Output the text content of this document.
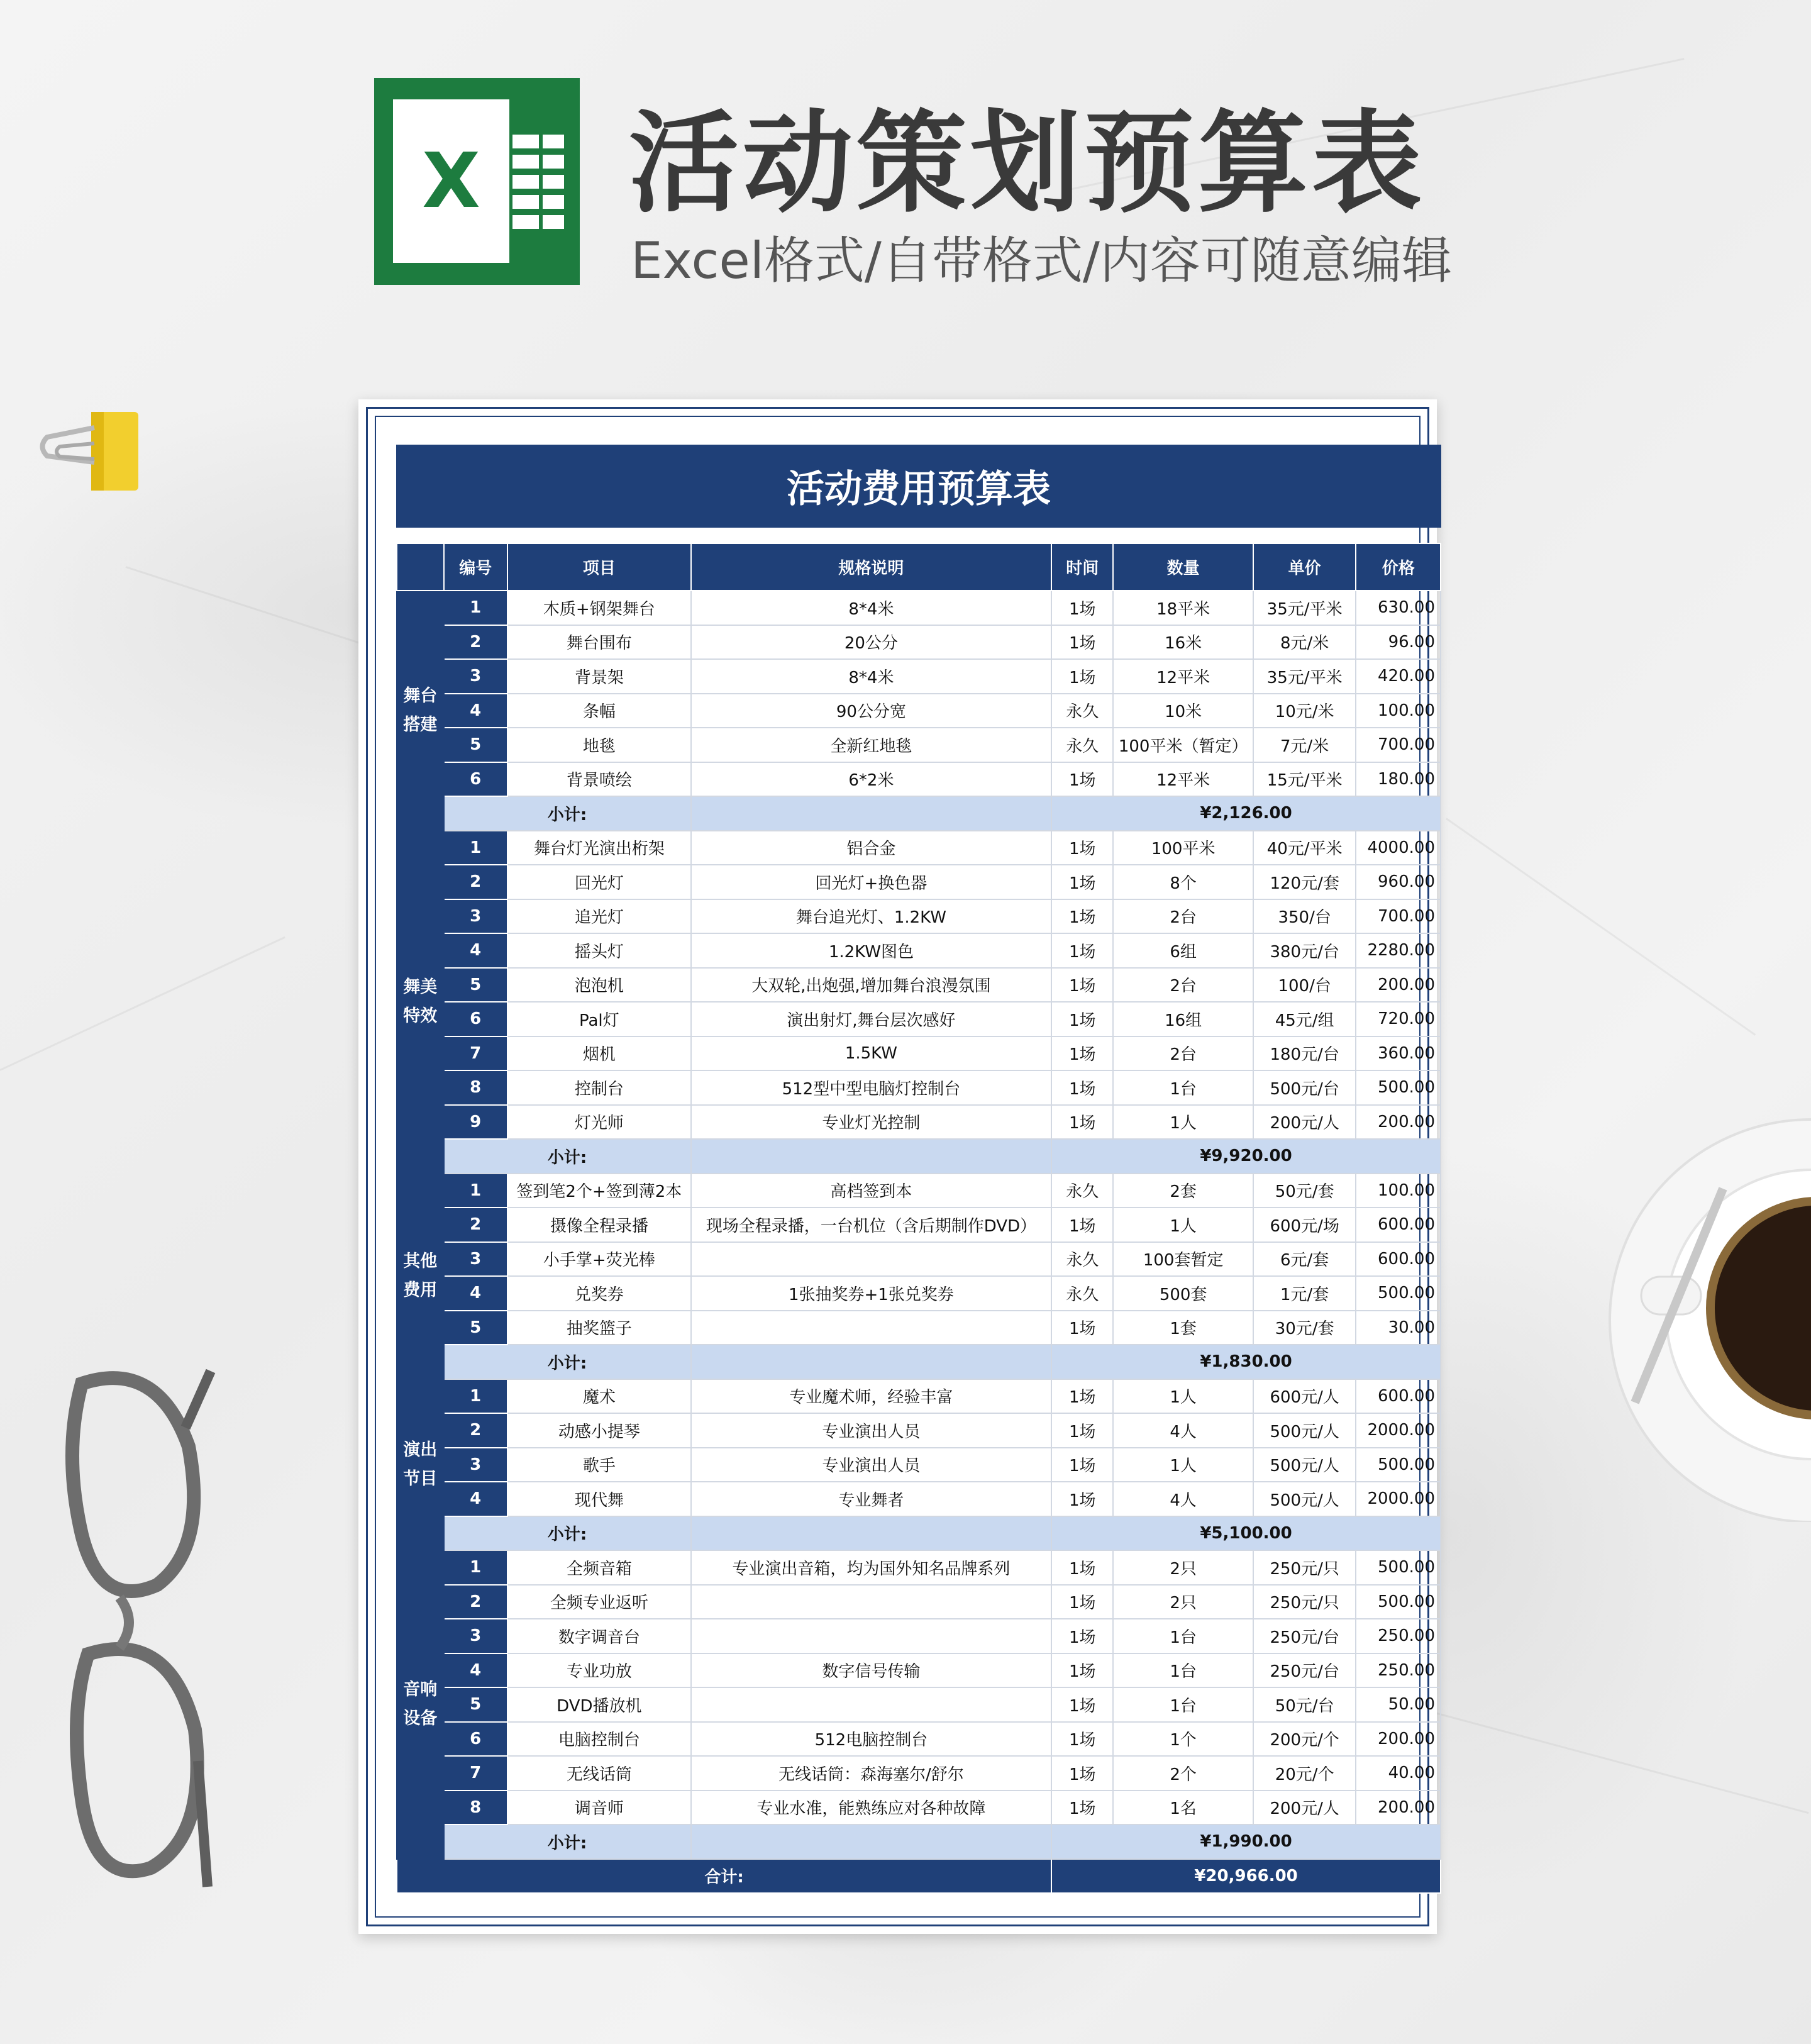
X 活动策划预算表
Excel格式/自带格式/内容可随意编辑
活动费用预算表
	编号	项目	规格说明	时间	数量	单价	价格

舞台
搭建	1	木质+钢架舞台	8*4米	1场	18平米	35元/平米	630.00
	2	舞台围布	20公分	1场	16米	8元/米	96.00
	3	背景架	8*4米	1场	12平米	35元/平米	420.00
	4	条幅	90公分宽	永久	10米	10元/米	100.00
	5	地毯	全新红地毯	永久	100平米（暂定）	7元/米	700.00
	6	背景喷绘	6*2米	1场	12平米	15元/平米	180.00
	小计:			¥2,126.00			

舞美
特效	1	舞台灯光演出桁架	铝合金	1场	100平米	40元/平米	4000.00
	2	回光灯	回光灯+换色器	1场	8个	120元/套	960.00
	3	追光灯	舞台追光灯、1.2KW	1场	2台	350/台	700.00
	4	摇头灯	1.2KW图色	1场	6组	380元/台	2280.00
	5	泡泡机	大双轮,出炮强,增加舞台浪漫氛围	1场	2台	100/台	200.00
	6	Pal灯	演出射灯,舞台层次感好	1场	16组	45元/组	720.00
	7	烟机	1.5KW	1场	2台	180元/台	360.00
	8	控制台	512型中型电脑灯控制台	1场	1台	500元/台	500.00
	9	灯光师	专业灯光控制	1场	1人	200元/人	200.00
	小计:			¥9,920.00			

其他
费用	1	签到笔2个+签到薄2本	高档签到本	永久	2套	50元/套	100.00
	2	摄像全程录播	现场全程录播，一台机位（含后期制作DVD）	1场	1人	600元/场	600.00
	3	小手掌+荧光棒		永久	100套暂定	6元/套	600.00
	4	兑奖券	1张抽奖券+1张兑奖券	永久	500套	1元/套	500.00
	5	抽奖篮子		1场	1套	30元/套	30.00
	小计:			¥1,830.00			

演出
节目	1	魔术	专业魔术师，经验丰富	1场	1人	600元/人	600.00
	2	动感小提琴	专业演出人员	1场	4人	500元/人	2000.00
	3	歌手	专业演出人员	1场	1人	500元/人	500.00
	4	现代舞	专业舞者	1场	4人	500元/人	2000.00
	小计:			¥5,100.00			

音响
设备	1	全频音箱	专业演出音箱，均为国外知名品牌系列	1场	2只	250元/只	500.00
	2	全频专业返听		1场	2只	250元/只	500.00
	3	数字调音台		1场	1台	250元/台	250.00
	4	专业功放	数字信号传输	1场	1台	250元/台	250.00
	5	DVD播放机		1场	1台	50元/台	50.00
	6	电脑控制台	512电脑控制台	1场	1个	200元/个	200.00
	7	无线话筒	无线话筒：森海塞尔/舒尔	1场	2个	20元/个	40.00
	8	调音师	专业水准，能熟练应对各种故障	1场	1名	200元/人	200.00
	小计:			¥1,990.00			
合计:				¥20,966.00			
